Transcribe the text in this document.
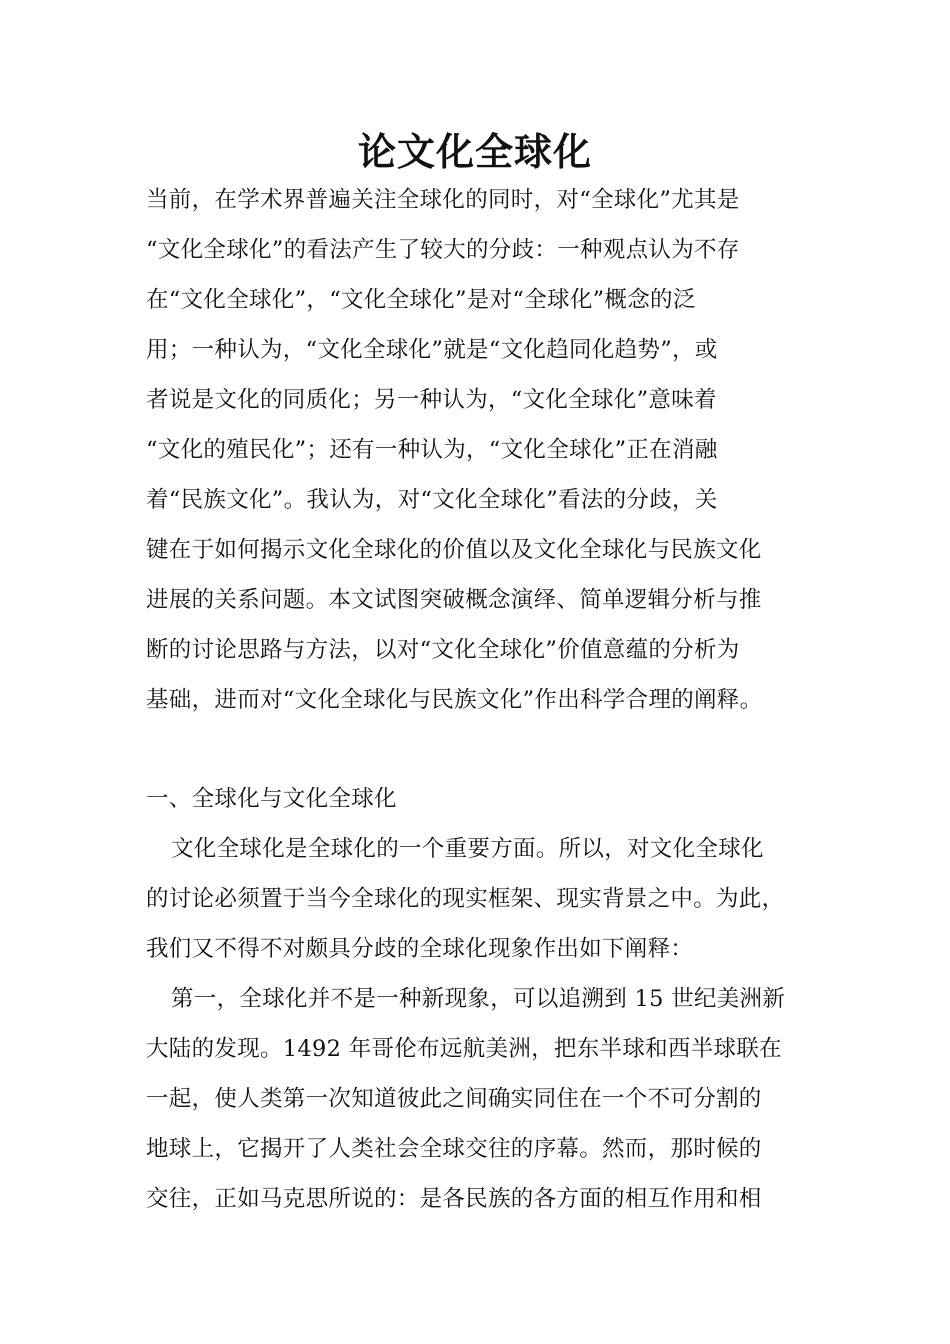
论文化全球化
当前，在学术界普遍关注全球化的同时，对“全球化”尤其是
“文化全球化”的看法产生了较大的分歧：一种观点认为不存
在“文化全球化”，“文化全球化”是对“全球化”概念的泛
用；一种认为，“文化全球化”就是“文化趋同化趋势”，或
者说是文化的同质化；另一种认为，“文化全球化”意味着
“文化的殖民化”；还有一种认为，“文化全球化”正在消融
着“民族文化”。我认为，对“文化全球化”看法的分歧，关
键在于如何揭示文化全球化的价值以及文化全球化与民族文化
进展的关系问题。本文试图突破概念演绎、简单逻辑分析与推
断的讨论思路与方法，以对“文化全球化”价值意蕴的分析为
基础，进而对“文化全球化与民族文化”作出科学合理的阐释。
一、全球化与文化全球化
文化全球化是全球化的一个重要方面。所以，对文化全球化
的讨论必须置于当今全球化的现实框架、现实背景之中。为此，
我们又不得不对颇具分歧的全球化现象作出如下阐释：
第一，全球化并不是一种新现象，可以追溯到 15 世纪美洲新
大陆的发现。1492 年哥伦布远航美洲，把东半球和西半球联在
一起，使人类第一次知道彼此之间确实同住在一个不可分割的
地球上，它揭开了人类社会全球交往的序幕。然而，那时候的
交往，正如马克思所说的：是各民族的各方面的相互作用和相
